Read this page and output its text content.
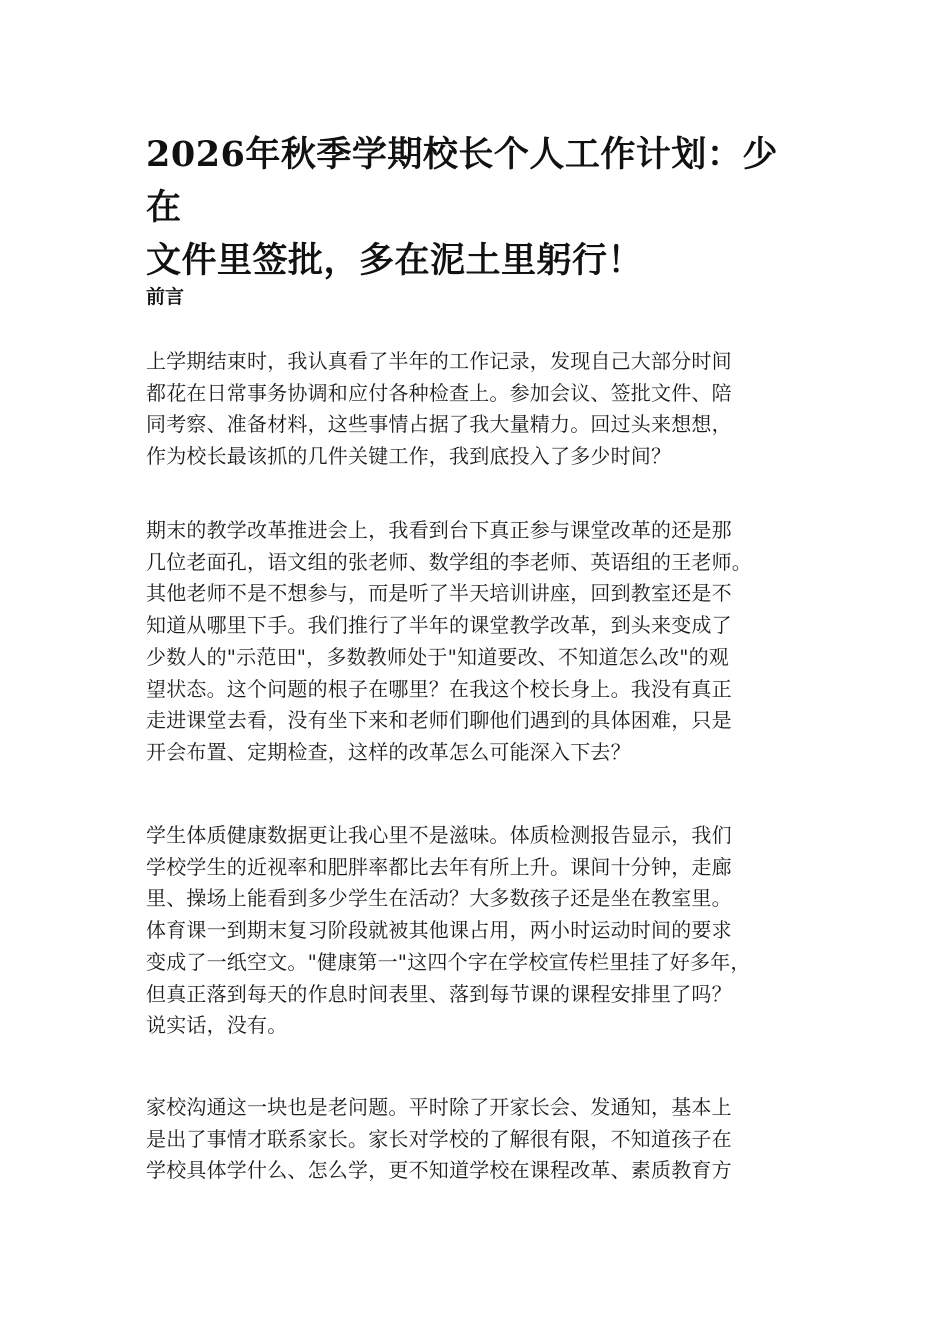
2026年秋季学期校长个人工作计划：少在
文件里签批，多在泥土里躬行！
前言

上学期结束时，我认真看了半年的工作记录，发现自己大部分时间
都花在日常事务协调和应付各种检查上。参加会议、签批文件、陪
同考察、准备材料，这些事情占据了我大量精力。回过头来想想，
作为校长最该抓的几件关键工作，我到底投入了多少时间？

期末的教学改革推进会上，我看到台下真正参与课堂改革的还是那
几位老面孔，语文组的张老师、数学组的李老师、英语组的王老师。
其他老师不是不想参与，而是听了半天培训讲座，回到教室还是不
知道从哪里下手。我们推行了半年的课堂教学改革，到头来变成了
少数人的"示范田"，多数教师处于"知道要改、不知道怎么改"的观
望状态。这个问题的根子在哪里？在我这个校长身上。我没有真正
走进课堂去看，没有坐下来和老师们聊他们遇到的具体困难，只是
开会布置、定期检查，这样的改革怎么可能深入下去？

学生体质健康数据更让我心里不是滋味。体质检测报告显示，我们
学校学生的近视率和肥胖率都比去年有所上升。课间十分钟，走廊
里、操场上能看到多少学生在活动？大多数孩子还是坐在教室里。
体育课一到期末复习阶段就被其他课占用，两小时运动时间的要求
变成了一纸空文。"健康第一"这四个字在学校宣传栏里挂了好多年，
但真正落到每天的作息时间表里、落到每节课的课程安排里了吗？
说实话，没有。

家校沟通这一块也是老问题。平时除了开家长会、发通知，基本上
是出了事情才联系家长。家长对学校的了解很有限，不知道孩子在
学校具体学什么、怎么学，更不知道学校在课程改革、素质教育方
